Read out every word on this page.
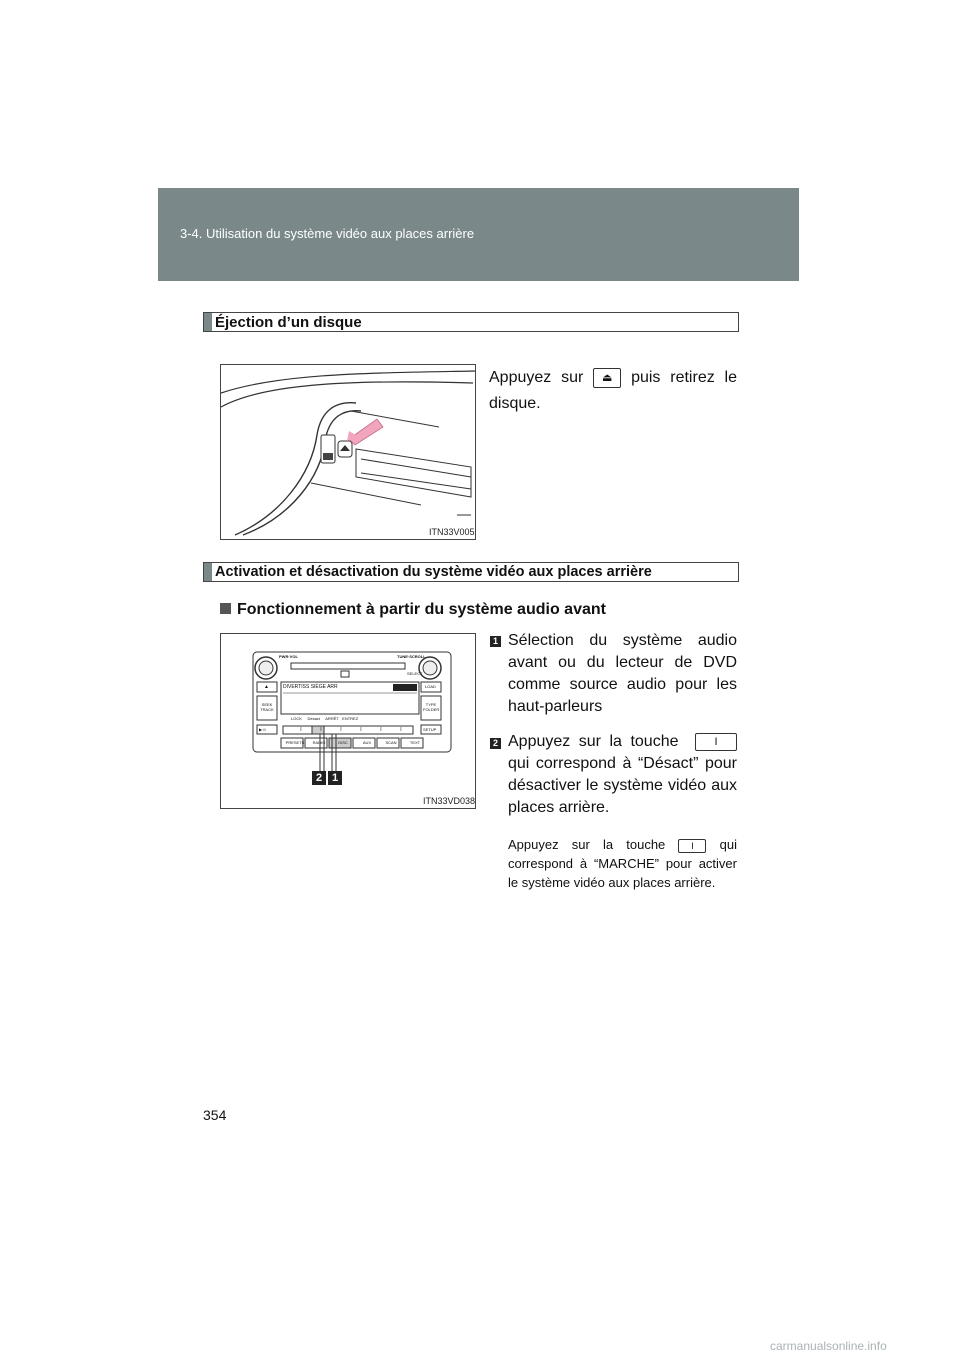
3-4. Utilisation du système vidéo aux places arrière
Éjection d’un disque
ITN33V005
Appuyez sur ⏏ puis retirez le disque.
Activation et désactivation du système vidéo aux places arrière
Fonctionnement à partir du système audio avant
PWR·VOL	TUNE·SCROLL
SELECT
DIVERTISS SIÈGE ARR
LOCK Désact ARRÊT ENTREZ
▲
SEEK TRACK
▶·II
LOAD
TYPE FOLDER
SETUP
PRESETS	RADIO	DISC	AUX	SCAN	TEXT
I	I	I	I	I	I
2 1
ITN33VD038
1 Sélection du système audio avant ou du lecteur de DVD comme source audio pour les haut-parleurs
2 Appuyez sur la touche	I qui correspond à “Désact” pour désactiver le système vidéo aux places arrière.
Appuyez sur la touche	I qui correspond à “MARCHE” pour activer le système vidéo aux places arrière.
354
carmanualsonline.info
